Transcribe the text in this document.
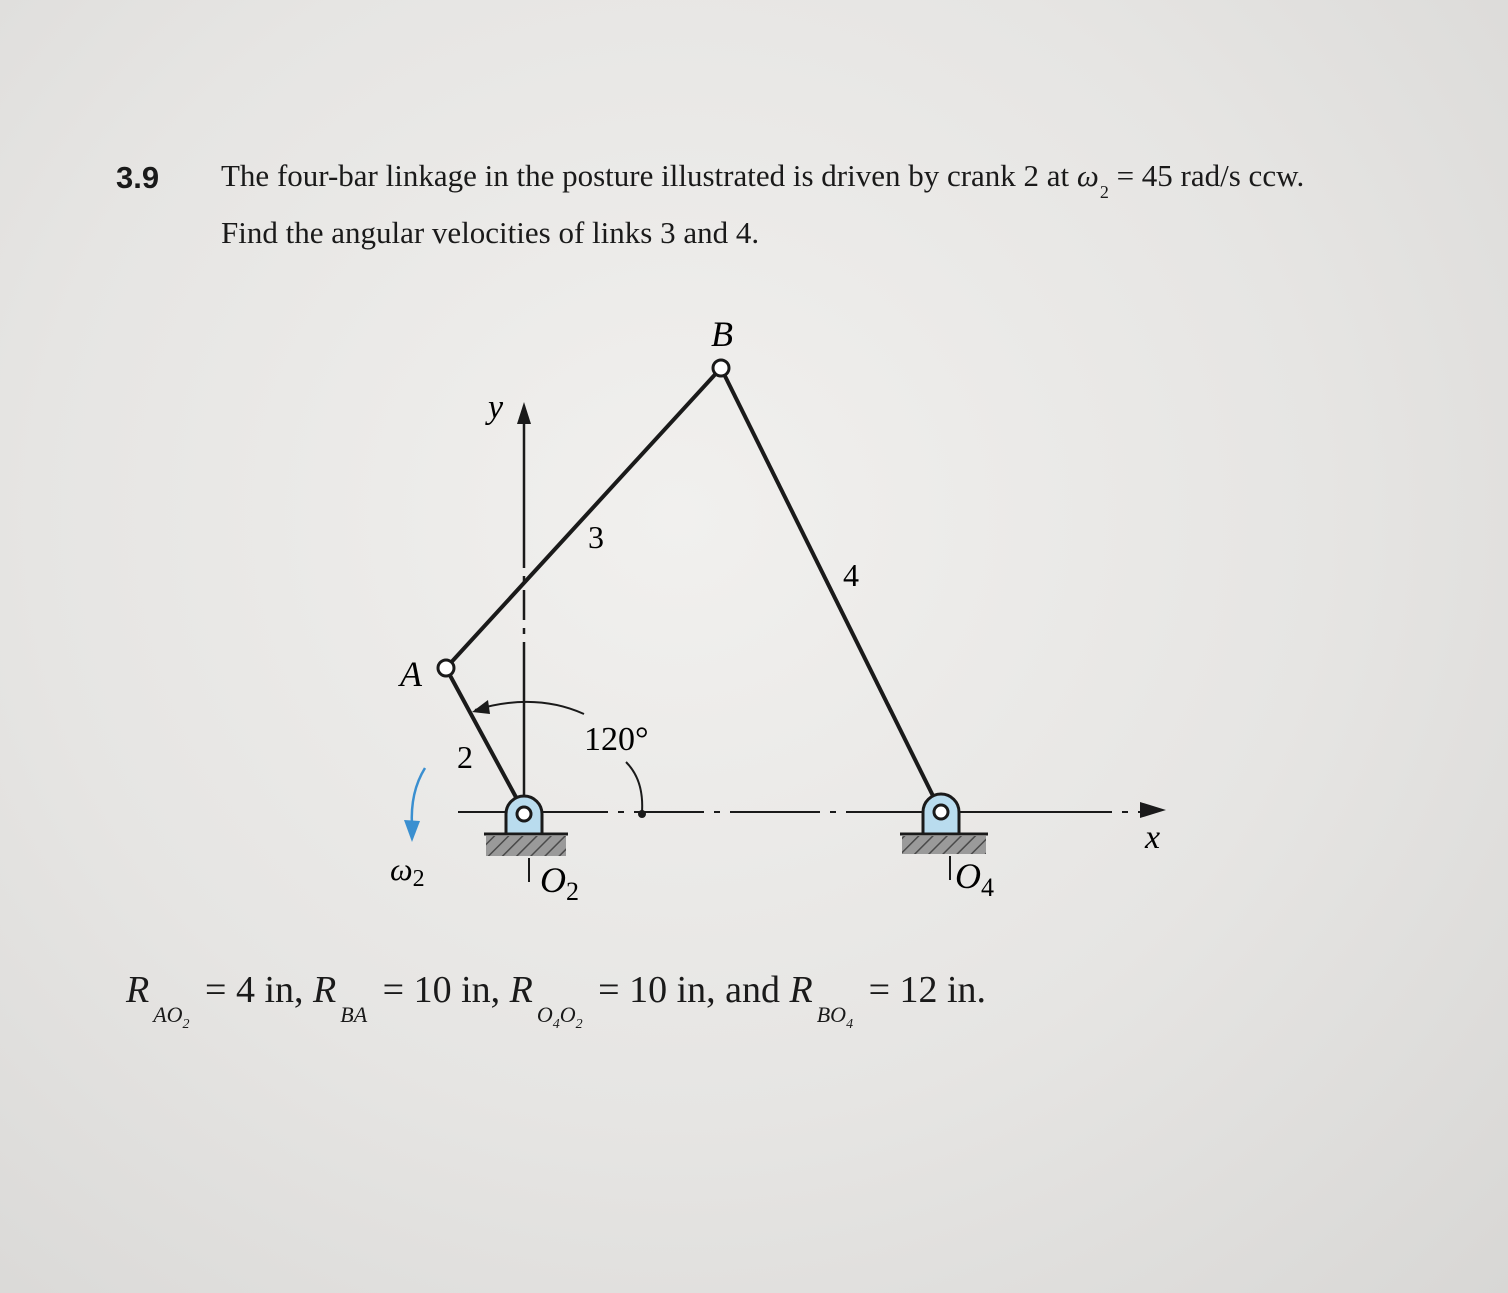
3.9 The four-bar linkage in the posture illustrated is driven by crank 2 at $\omega_2 = 45$ rad/s ccw.
Find the angular velocities of links 3 and 4.
B
A
y
x
2
3
4
120°
ω2	$O_2$	$O_4$
$R_{AO_2} = 4$ in, $R_{BA} = 10$ in, $R_{O_4O_2} = 10$ in, and $R_{BO_4} = 12$ in.
